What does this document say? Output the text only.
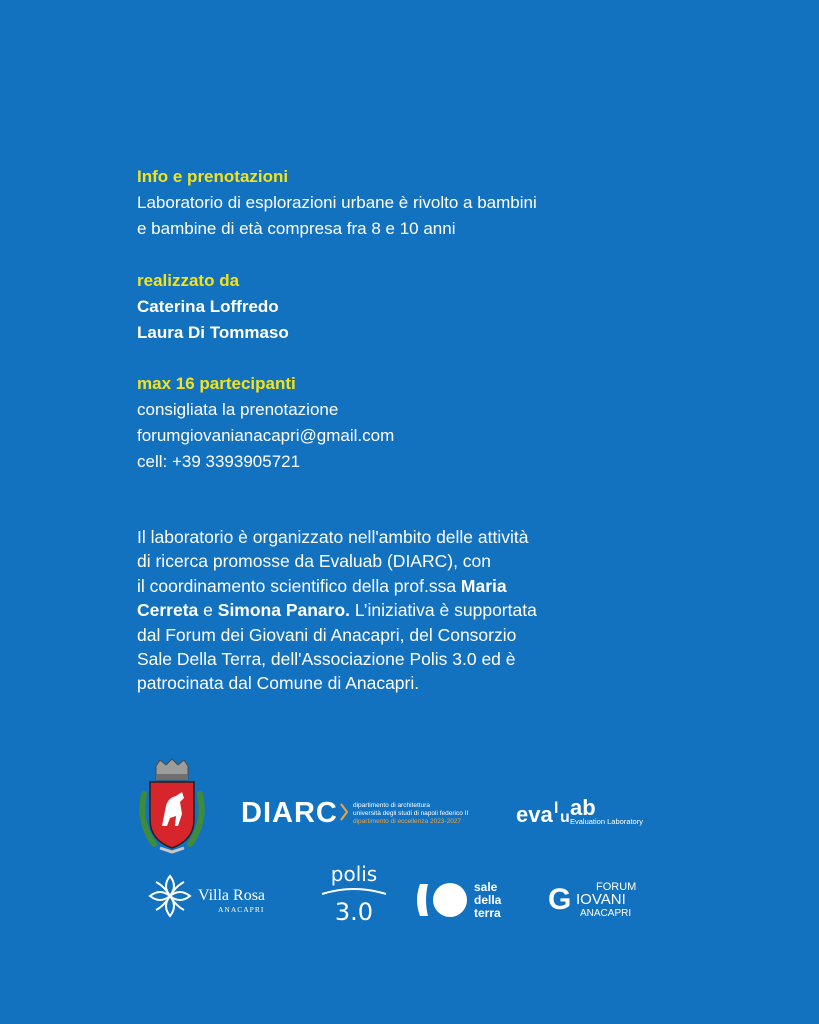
Info e prenotazioni
Laboratorio di esplorazioni urbane è rivolto a bambini
e bambine di età compresa fra 8 e 10 anni
realizzato da
Caterina Loffredo
Laura Di Tommaso
max 16 partecipanti
consigliata la prenotazione
forumgiovanianacapri@gmail.com
cell: +39 3393905721
Il laboratorio è organizzato nell'ambito delle attività
di ricerca promosse da Evaluab (DIARC), con
il coordinamento scientifico della prof.ssa Maria
Cerreta e Simona Panaro. L’iniziativa è supportata
dal Forum dei Giovani di Anacapri, del Consorzio
Sale Della Terra, dell'Associazione Polis 3.0 ed è
patrocinata dal Comune di Anacapri.
DIARC dipartimento di architettura
università degli studi di napoli federico II
dipartimento di eccellenza 2023-2027 eva l
u ab
Evaluation Laboratory
Villa Rosa
ANACAPRI
polis
3.0
sale
della
terra
FORUM
G IOVANI
ANACAPRI
